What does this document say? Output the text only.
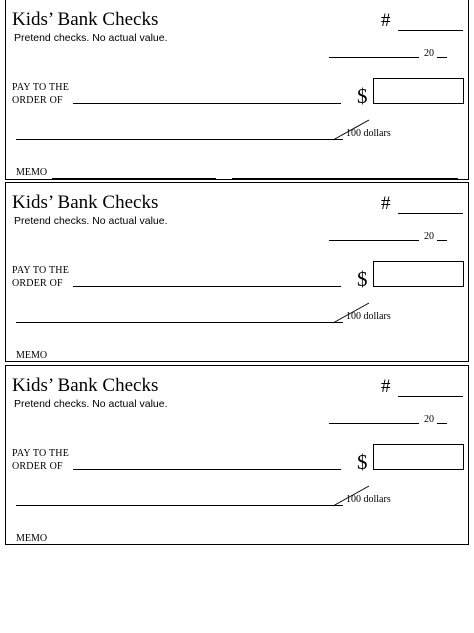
Kids’ Bank Checks
Pretend checks. No actual value.
#
20
PAY TO THE
ORDER OF	$
100 dollars
MEMO
Kids’ Bank Checks
Pretend checks. No actual value.
#
20
PAY TO THE
ORDER OF	$
100 dollars
MEMO
Kids’ Bank Checks
Pretend checks. No actual value.
#
20
PAY TO THE
ORDER OF	$
100 dollars
MEMO
